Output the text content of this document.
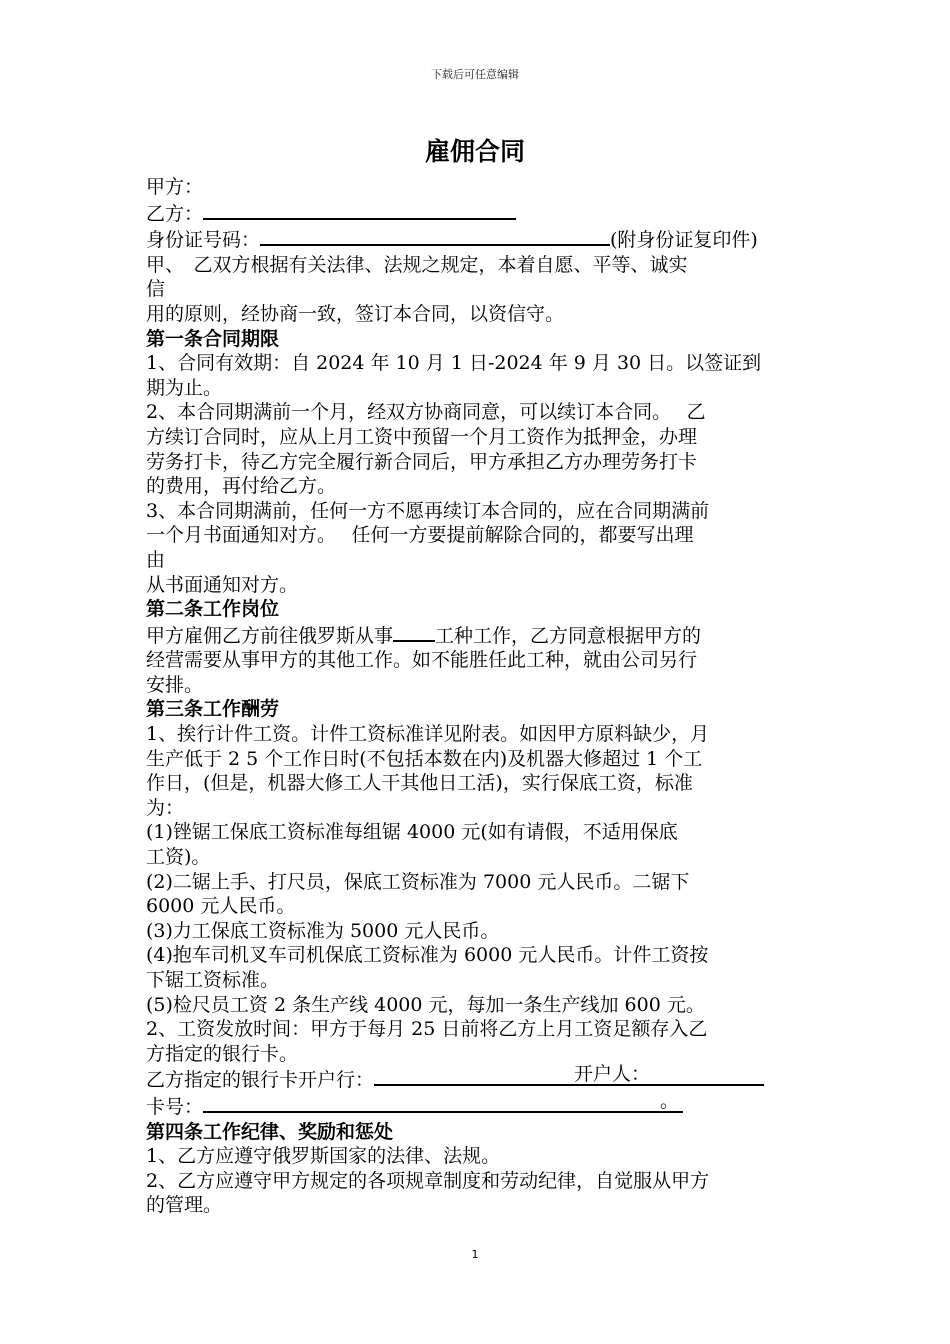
下载后可任意编辑
雇佣合同

甲方：

乙方：

身份证号码：	(附身份证复印件)

甲、　乙双方根据有关法律、法规之规定，本着自愿、平等、诚实

信

用的原则，经协商一致，签订本合同，以资信守。

第一条合同期限

1、合同有效期：自 2024 年 10 月 1 日-2024 年 9 月 30 日。以签证到

期为止。

2、本合同期满前一个月，经双方协商同意，可以续订本合同。　 乙

方续订合同时，应从上月工资中预留一个月工资作为抵押金，办理

劳务打卡，待乙方完全履行新合同后，甲方承担乙方办理劳务打卡

的费用，再付给乙方。

3、本合同期满前，任何一方不愿再续订本合同的，应在合同期满前

一个月书面通知对方。　 任何一方要提前解除合同的，都要写出理

由

从书面通知对方。

第二条工作岗位

甲方雇佣乙方前往俄罗斯从事 工种工作，乙方同意根据甲方的

经营需要从事甲方的其他工作。如不能胜任此工种，就由公司另行

安排。

第三条工作酬劳

1、挨行计件工资。计件工资标准详见附表。如因甲方原料缺少，月

生产低于 2 5 个工作日时(不包括本数在内)及机器大修超过 1 个工

作日，(但是，机器大修工人干其他日工活)，实行保底工资，标准

为：

(1)锉锯工保底工资标准每组锯 4000 元(如有请假，不适用保底

工资)。

(2)二锯上手、打尺员，保底工资标准为 7000 元人民币。二锯下

6000 元人民币。

(3)力工保底工资标准为 5000 元人民币。

(4)抱车司机叉车司机保底工资标准为 6000 元人民币。计件工资按

下锯工资标准。

(5)检尺员工资 2 条生产线 4000 元，每加一条生产线加 600 元。

2、工资发放时间：甲方于每月 25 日前将乙方上月工资足额存入乙

方指定的银行卡。

乙方指定的银行卡开户行：	开户人：

卡号：	。

第四条工作纪律、奖励和惩处

1、乙方应遵守俄罗斯国家的法律、法规。

2、乙方应遵守甲方规定的各项规章制度和劳动纪律，自觉服从甲方

的管理。

1
